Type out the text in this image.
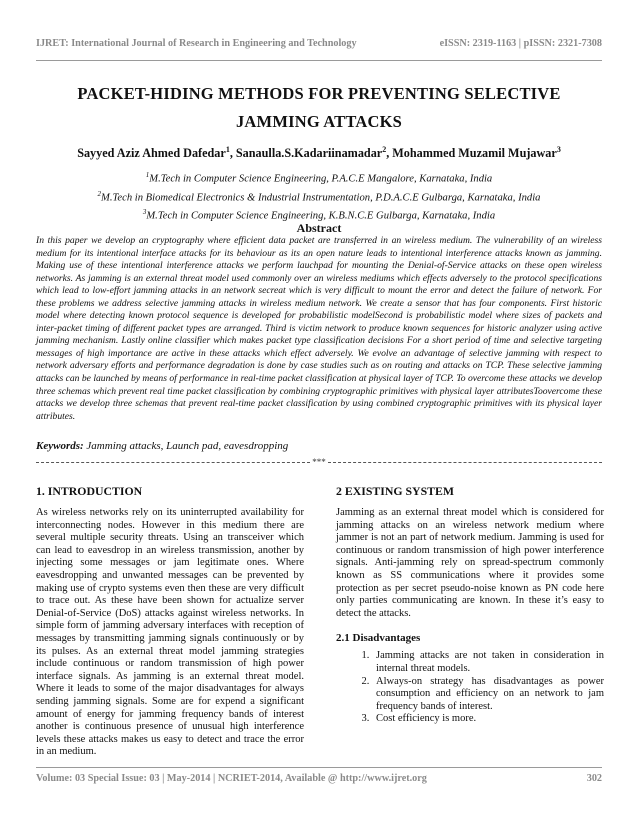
IJRET: International Journal of Research in Engineering and Technology	eISSN: 2319-1163 | pISSN: 2321-7308
PACKET-HIDING METHODS FOR PREVENTING SELECTIVE
JAMMING ATTACKS
Sayyed Aziz Ahmed Dafedar$^1$, Sanaulla.S.Kadariinamadar$^2$, Mohammed Muzamil Mujawar$^3$
$^1$M.Tech in Computer Science Engineering, P.A.C.E Mangalore, Karnataka, India
$^2$M.Tech in Biomedical Electronics & Industrial Instrumentation, P.D.A.C.E Gulbarga, Karnataka, India
$^3$M.Tech in Computer Science Engineering, K.B.N.C.E Gulbarga, Karnataka, India
Abstract

In this paper we develop an cryptography where efficient data packet are transferred in an wireless medium. The vulnerability of an wireless medium for its intentional interface attacks for its behaviour as its an open nature leads to intentional interference attacks known as jamming. Making use of these intentional interference attacks we perform lauchpad for mounting the Denial-of-Service attacks on these open wireless networks. As jamming is an external threat model used commonly over an wireless mediums which effects adversely to the protocol specifications which lead to low-effort jamming attacks in an network secreat which is very difficult to mount the error and detect the failure of network. For these problems we address selective jamming attacks in wireless medium network. We create a sensor that has four components. First historic model where detecting known protocol sequence is developed for probabilistic modelSecond is probabilistic model where sizes of packets and inter-packet timing of different packet types are arranged. Third is victim network to produce known sequences for historic analyzer using active jamming mechanism. Lastly online classifier which makes packet type classification decisions For a short period of time and selective targeting messages of high importance are active in these attacks which effect adversely. We evolve an advantage of selective jamming with respect to network adversary efforts and performance degradation is done by case studies such as on routing and attacks on TCP. These selective jamming attacks can be launched by means of performance in real-time packet classification at physical layer of TCP. To overcome these attacks we develop three schemas which prevent real time packet classification by combining cryptographic primitives with physical layer attributesToovercome these attacks we develop three schemas that prevent real-time packet classification by using combined cryptographic primitives with its physical layer attributes.

Keywords: Jamming attacks, Launch pad, eavesdropping
***
1. INTRODUCTION

As wireless networks rely on its uninterrupted availability for interconnecting nodes. However in this medium there are several multiple security threats. Using an transceiver which can lead to eavesdrop in an wireless transmission, another by injecting some messages or jam legitimate ones. Where eavesdropping and unwanted messages can be prevented by making use of crypto systems even then these are very difficult to trace out. As these have been shown for actualize server Denial-of-Service (DoS) attacks against wireless networks. In simple form of jamming adversary interfaces with reception of messages by transmitting jamming signals continuously or by its pulses. As an external threat model jamming strategies include continuous or random transmission of high power interface signals. As jamming is an external threat model. Where it leads to some of the major disadvantages for always sending jamming signals. Some are for expend a significant amount of energy for jamming frequency bands of interest another is continuous presence of unusual high interference levels these attacks makes us easy to detect and trace the error in an medium.

2 EXISTING SYSTEM

Jamming as an external threat model which is considered for jamming attacks on an wireless network medium where jammer is not an part of network medium. Jamming is used for continuous or random transmission of high power interference signals. Anti-jamming rely on spread-spectrum commonly known as SS communications where it provides some protection as per secret pseudo-noise known as PN code here only parties communicating are known. In these it’s easy to detect the attacks.

2.1 Disadvantages
1. Jamming attacks are not taken in consideration in internal threat models.
2. Always-on strategy has disadvantages as power consumption and efficiency on an network to jam frequency bands of interest.
3. Cost efficiency is more.
Volume: 03 Special Issue: 03 | May-2014 | NCRIET-2014, Available @ http://www.ijret.org	302
